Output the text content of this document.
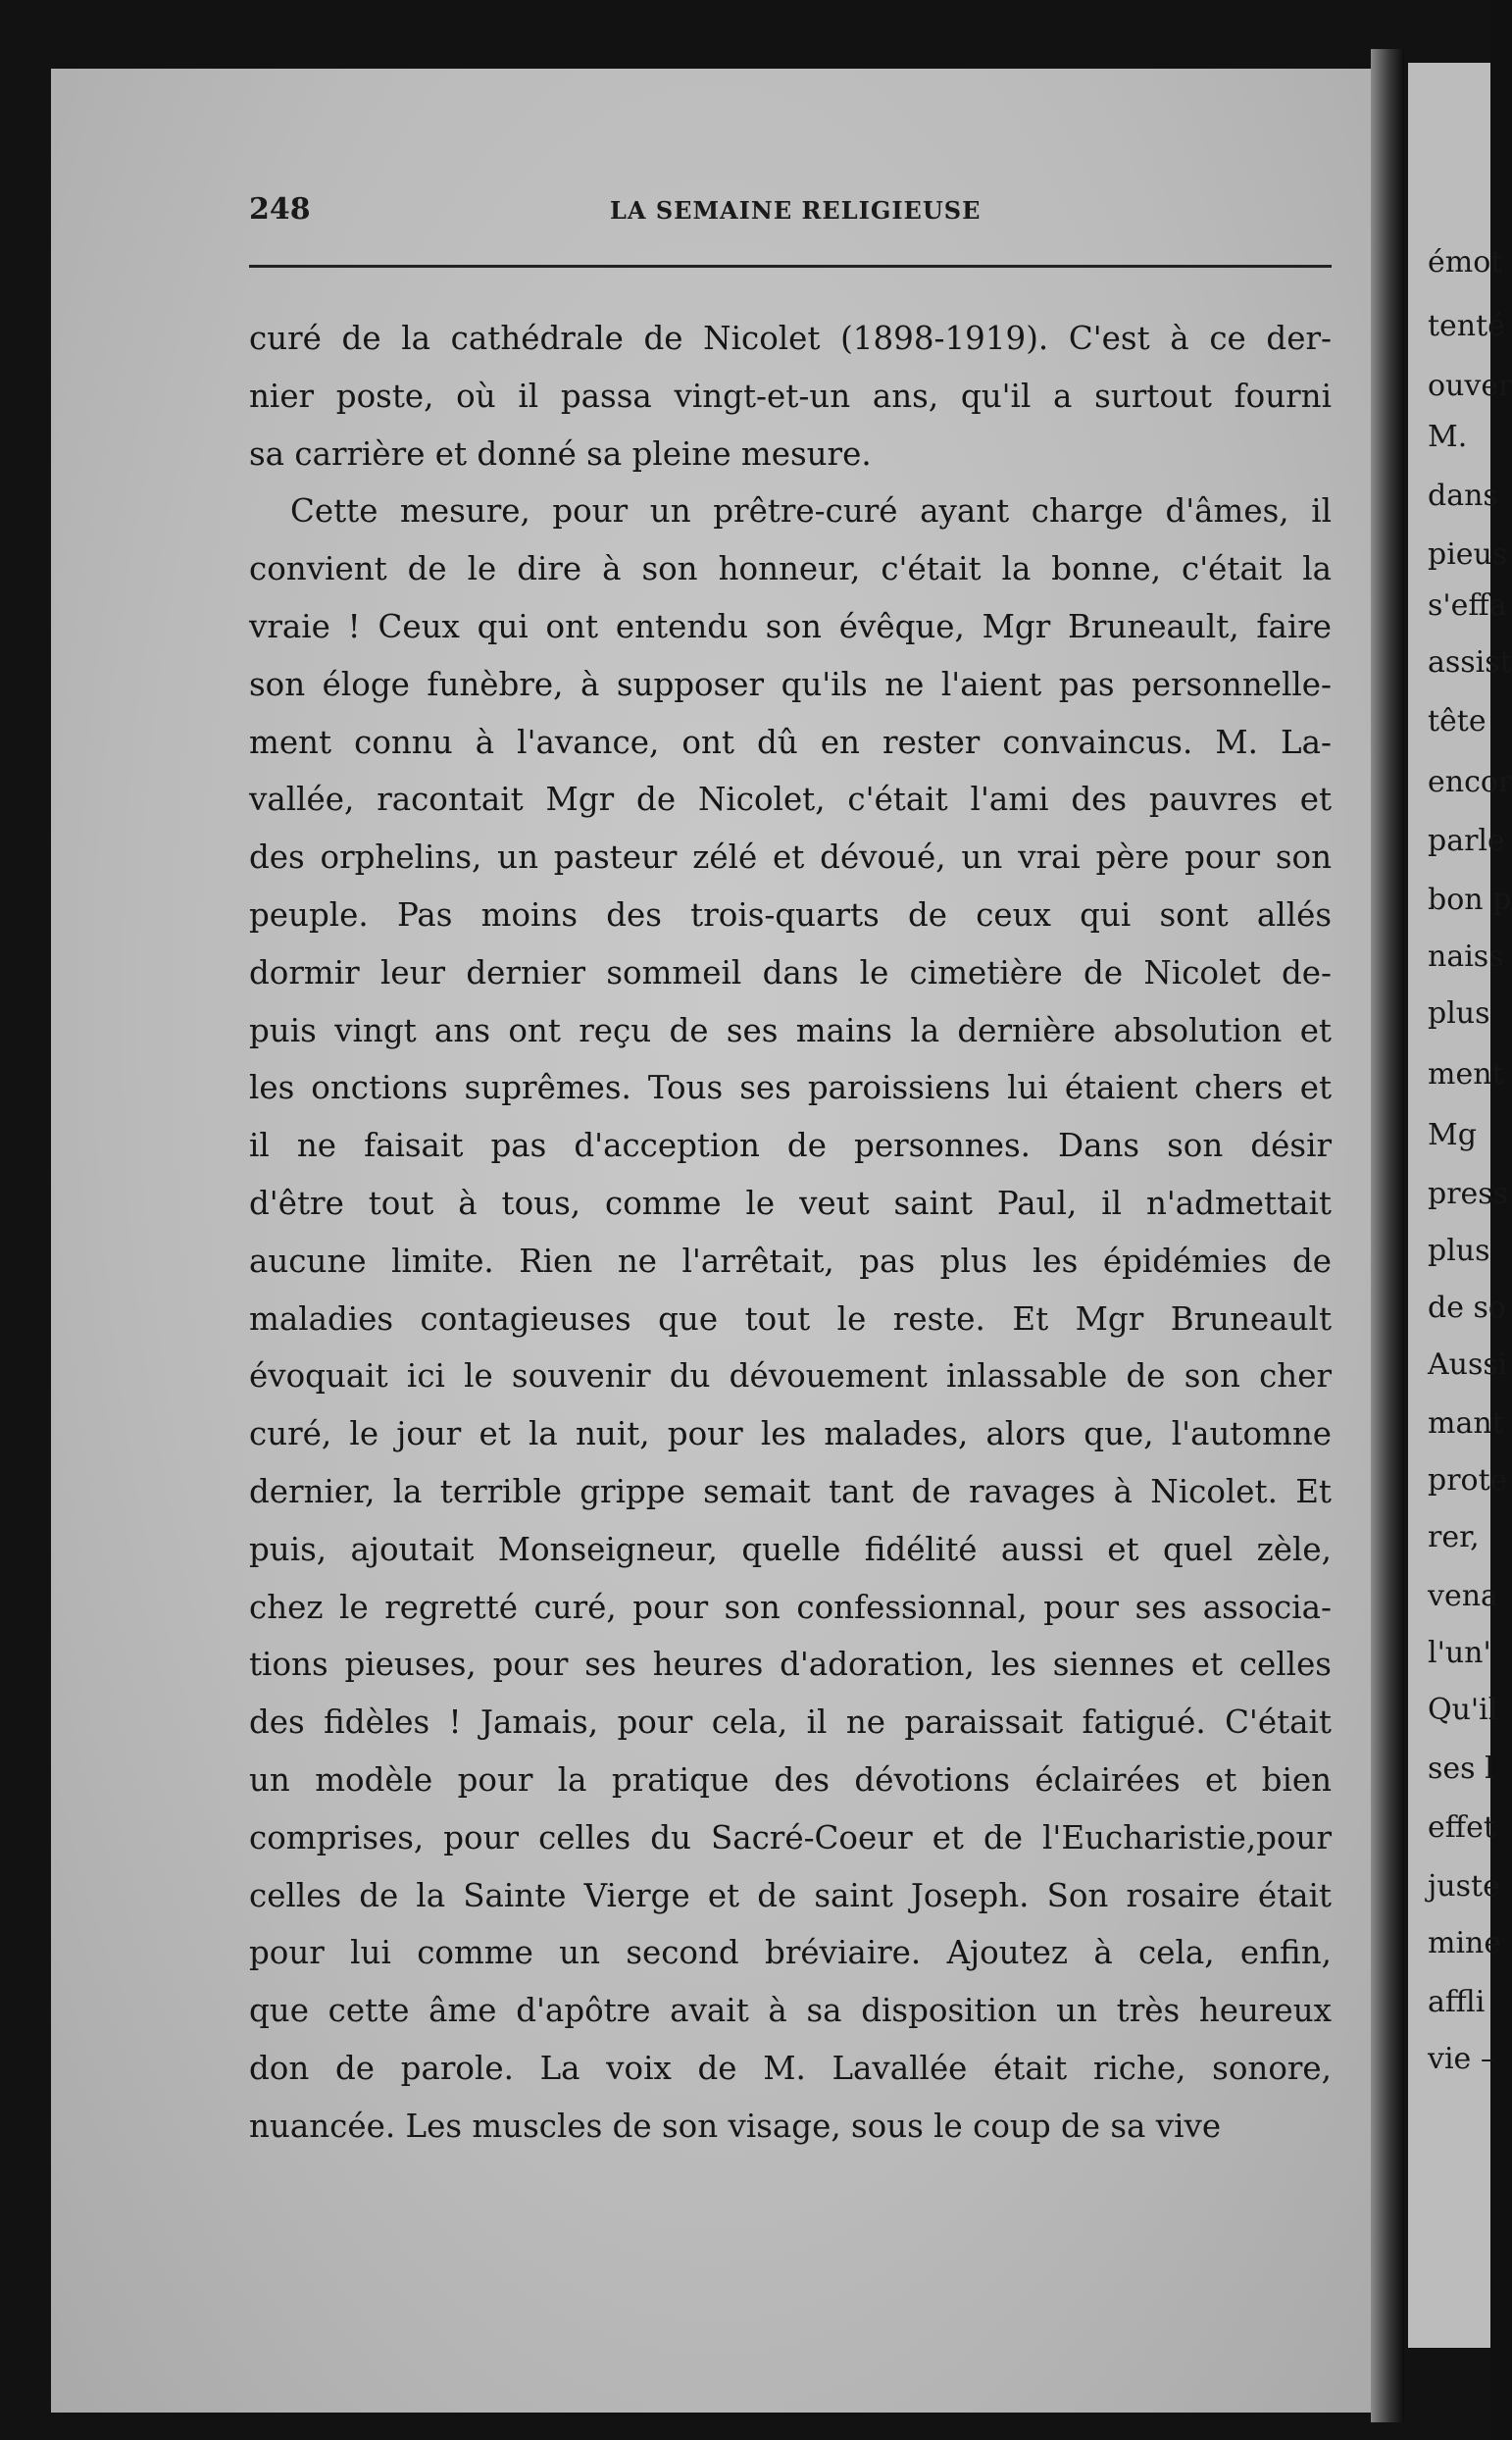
émot
tenté
ouver
M.
dans
pieus
s'effa
assist
tête
encor
parle
bon p
naiss
plus
ment
Mg
press
plus
de so
Aussi
mant
prote
rer,
vena
l'un'
Qu'il
ses l
effet
juste
mine
affli
vie –
248	LA SEMAINE RELIGIEUSE
curé de la cathédrale de Nicolet (1898-1919). C'est à ce der-
nier poste, où il passa vingt-et-un ans, qu'il a surtout fourni
sa carrière et donné sa pleine mesure.
Cette mesure, pour un prêtre-curé ayant charge d'âmes, il
convient de le dire à son honneur, c'était la bonne, c'était la
vraie ! Ceux qui ont entendu son évêque, Mgr Bruneault, faire
son éloge funèbre, à supposer qu'ils ne l'aient pas personnelle-
ment connu à l'avance, ont dû en rester convaincus. M. La-
vallée, racontait Mgr de Nicolet, c'était l'ami des pauvres et
des orphelins, un pasteur zélé et dévoué, un vrai père pour son
peuple. Pas moins des trois-quarts de ceux qui sont allés
dormir leur dernier sommeil dans le cimetière de Nicolet de-
puis vingt ans ont reçu de ses mains la dernière absolution et
les onctions suprêmes. Tous ses paroissiens lui étaient chers et
il ne faisait pas d'acception de personnes. Dans son désir
d'être tout à tous, comme le veut saint Paul, il n'admettait
aucune limite. Rien ne l'arrêtait, pas plus les épidémies de
maladies contagieuses que tout le reste. Et Mgr Bruneault
évoquait ici le souvenir du dévouement inlassable de son cher
curé, le jour et la nuit, pour les malades, alors que, l'automne
dernier, la terrible grippe semait tant de ravages à Nicolet. Et
puis, ajoutait Monseigneur, quelle fidélité aussi et quel zèle,
chez le regretté curé, pour son confessionnal, pour ses associa-
tions pieuses, pour ses heures d'adoration, les siennes et celles
des fidèles ! Jamais, pour cela, il ne paraissait fatigué. C'était
un modèle pour la pratique des dévotions éclairées et bien
comprises, pour celles du Sacré-Coeur et de l'Eucharistie,pour
celles de la Sainte Vierge et de saint Joseph. Son rosaire était
pour lui comme un second bréviaire. Ajoutez à cela, enfin,
que cette âme d'apôtre avait à sa disposition un très heureux
don de parole. La voix de M. Lavallée était riche, sonore,
nuancée. Les muscles de son visage, sous le coup de sa vive
